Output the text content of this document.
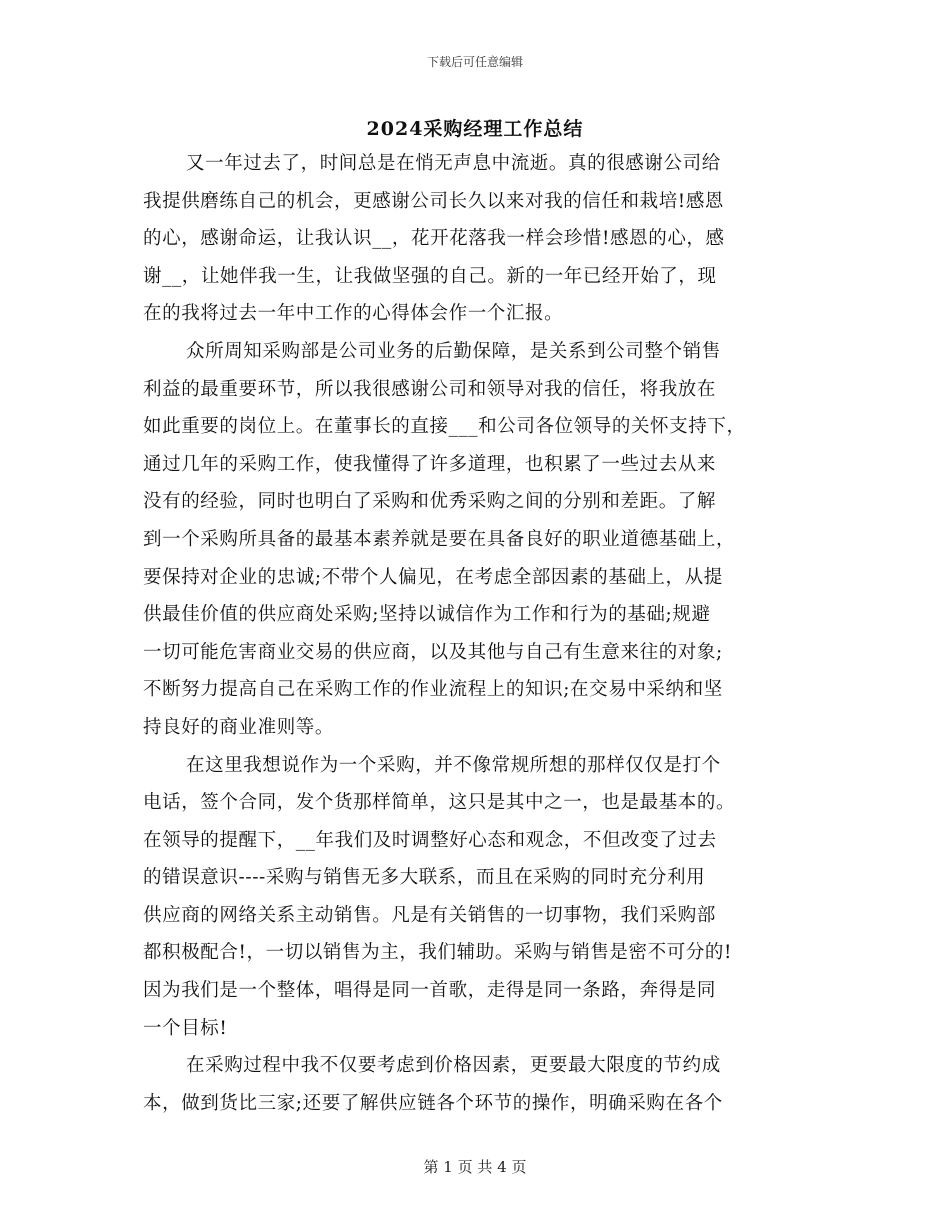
下载后可任意编辑
2024采购经理工作总结
又一年过去了，时间总是在悄无声息中流逝。真的很感谢公司给
我提供磨练自己的机会，更感谢公司长久以来对我的信任和栽培!感恩
的心，感谢命运，让我认识__，花开花落我一样会珍惜!感恩的心，感
谢__，让她伴我一生，让我做坚强的自己。新的一年已经开始了，现
在的我将过去一年中工作的心得体会作一个汇报。
众所周知采购部是公司业务的后勤保障，是关系到公司整个销售
利益的最重要环节，所以我很感谢公司和领导对我的信任，将我放在
如此重要的岗位上。在董事长的直接___和公司各位领导的关怀支持下，
通过几年的采购工作，使我懂得了许多道理，也积累了一些过去从来
没有的经验，同时也明白了采购和优秀采购之间的分别和差距。了解
到一个采购所具备的最基本素养就是要在具备良好的职业道德基础上，
要保持对企业的忠诚;不带个人偏见，在考虑全部因素的基础上，从提
供最佳价值的供应商处采购;坚持以诚信作为工作和行为的基础;规避
一切可能危害商业交易的供应商，以及其他与自己有生意来往的对象;
不断努力提高自己在采购工作的作业流程上的知识;在交易中采纳和坚
持良好的商业准则等。
在这里我想说作为一个采购，并不像常规所想的那样仅仅是打个
电话，签个合同，发个货那样简单，这只是其中之一，也是最基本的。
在领导的提醒下，__年我们及时调整好心态和观念，不但改变了过去
的错误意识----采购与销售无多大联系，而且在采购的同时充分利用
供应商的网络关系主动销售。凡是有关销售的一切事物，我们采购部
都积极配合!，一切以销售为主，我们辅助。采购与销售是密不可分的!
因为我们是一个整体，唱得是同一首歌，走得是同一条路，奔得是同
一个目标!
在采购过程中我不仅要考虑到价格因素，更要最大限度的节约成
本，做到货比三家;还要了解供应链各个环节的操作，明确采购在各个
第 1 页 共 4 页
